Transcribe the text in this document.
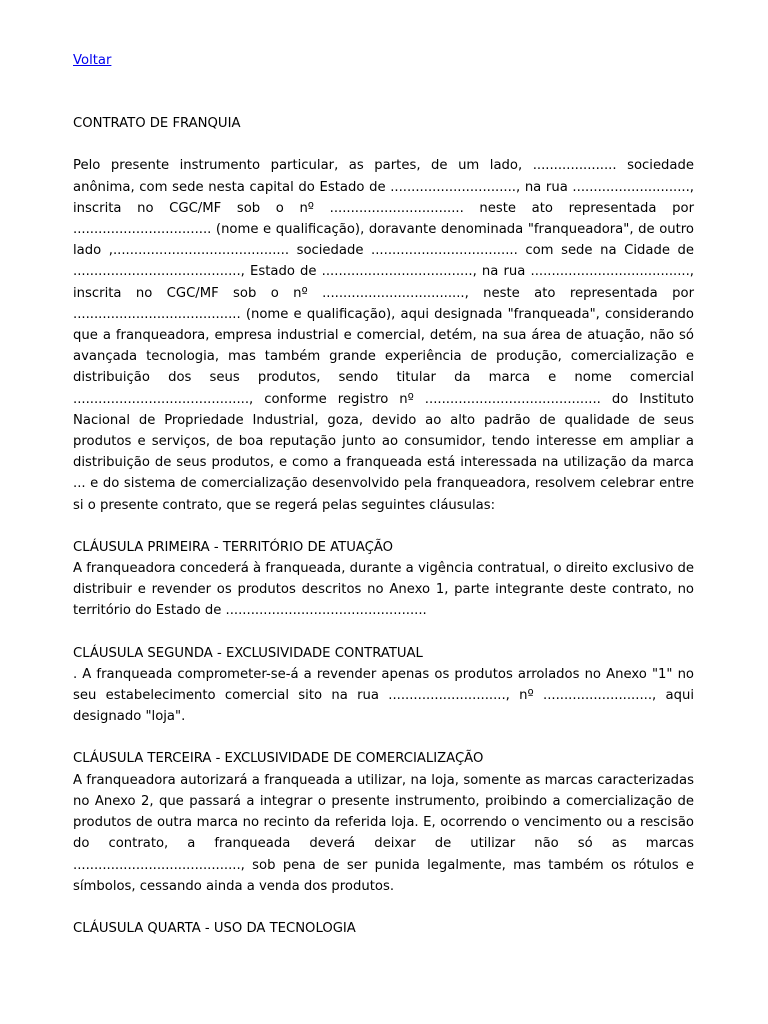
Voltar
CONTRATO DE FRANQUIA

Pelo presente instrumento particular, as partes, de um lado, .................... sociedade anônima, com sede nesta capital do Estado de .............................., na rua ............................, inscrita no CGC/MF sob o nº ................................ neste ato representada por ................................. (nome e qualificação), doravante denominada "franqueadora", de outro lado ,.......................................... sociedade ................................... com sede na Cidade de ........................................, Estado de ...................................., na rua ......................................, inscrita no CGC/MF sob o nº .................................., neste ato representada por ........................................ (nome e qualificação), aqui designada "franqueada", considerando que a franqueadora, empresa industrial e comercial, detém, na sua área de atuação, não só avançada tecnologia, mas também grande experiência de produção, comercialização e distribuição dos seus produtos, sendo titular da marca e nome comercial .........................................., conforme registro nº .......................................... do Instituto Nacional de Propriedade Industrial, goza, devido ao alto padrão de qualidade de seus produtos e serviços, de boa reputação junto ao consumidor, tendo interesse em ampliar a distribuição de seus produtos, e como a franqueada está interessada na utilização da marca ... e do sistema de comercialização desenvolvido pela franqueadora, resolvem celebrar entre si o presente contrato, que se regerá pelas seguintes cláusulas:

CLÁUSULA PRIMEIRA - TERRITÓRIO DE ATUAÇÃO

A franqueadora concederá à franqueada, durante a vigência contratual, o direito exclusivo de distribuir e revender os produtos descritos no Anexo 1, parte integrante deste contrato, no território do Estado de ................................................

CLÁUSULA SEGUNDA - EXCLUSIVIDADE CONTRATUAL

. A franqueada comprometer-se-á a revender apenas os produtos arrolados no Anexo "1" no seu estabelecimento comercial sito na rua ............................, nº .........................., aqui designado "loja".

CLÁUSULA TERCEIRA - EXCLUSIVIDADE DE COMERCIALIZAÇÃO

A franqueadora autorizará a franqueada a utilizar, na loja, somente as marcas caracterizadas no Anexo 2, que passará a integrar o presente instrumento, proibindo a comercialização de produtos de outra marca no recinto da referida loja. E, ocorrendo o vencimento ou a rescisão do contrato, a franqueada deverá deixar de utilizar não só as marcas ........................................, sob pena de ser punida legalmente, mas também os rótulos e símbolos, cessando ainda a venda dos produtos.

CLÁUSULA QUARTA - USO DA TECNOLOGIA
